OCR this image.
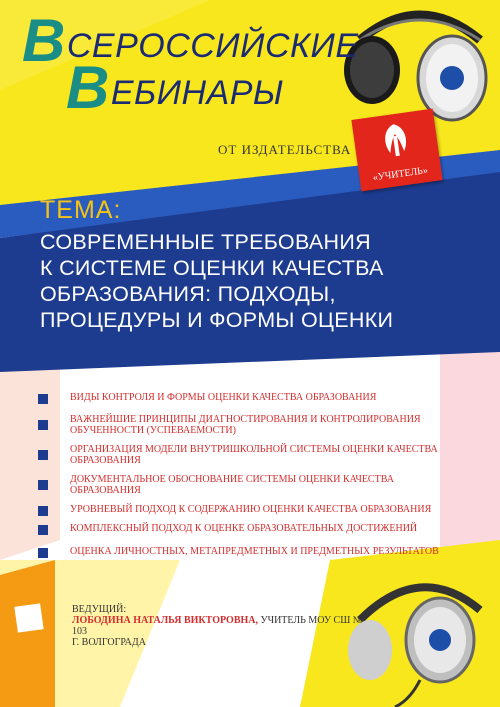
ВСЕРОССИЙСКИЕ
ВЕБИНАРЫ
ОТ ИЗДАТЕЛЬСТВА
«УЧИТЕЛЬ»
ТЕМА:
СОВРЕМЕННЫЕ ТРЕБОВАНИЯ
К СИСТЕМЕ ОЦЕНКИ КАЧЕСТВА
ОБРАЗОВАНИЯ: ПОДХОДЫ,
ПРОЦЕДУРЫ И ФОРМЫ ОЦЕНКИ
ВИДЫ КОНТРОЛЯ И ФОРМЫ ОЦЕНКИ КАЧЕСТВА ОБРАЗОВАНИЯ
ВАЖНЕЙШИЕ ПРИНЦИПЫ ДИАГНОСТИРОВАНИЯ И КОНТРОЛИРОВАНИЯ ОБУЧЕННОСТИ (УСПЕВАЕМОСТИ)
ОРГАНИЗАЦИЯ МОДЕЛИ ВНУТРИШКОЛЬНОЙ СИСТЕМЫ ОЦЕНКИ КАЧЕСТВА ОБРАЗОВАНИЯ
ДОКУМЕНТАЛЬНОЕ ОБОСНОВАНИЕ СИСТЕМЫ ОЦЕНКИ КАЧЕСТВА ОБРАЗОВАНИЯ
УРОВНЕВЫЙ ПОДХОД К СОДЕРЖАНИЮ ОЦЕНКИ КАЧЕСТВА ОБРАЗОВАНИЯ
КОМПЛЕКСНЫЙ ПОДХОД К ОЦЕНКЕ ОБРАЗОВАТЕЛЬНЫХ ДОСТИЖЕНИЙ
ОЦЕНКА ЛИЧНОСТНЫХ, МЕТАПРЕДМЕТНЫХ И ПРЕДМЕТНЫХ РЕЗУЛЬТАТОВ
ВЕДУЩИЙ:
ЛОБОДИНА НАТАЛЬЯ ВИКТОРОВНА, УЧИТЕЛЬ МОУ СШ № 103
Г. ВОЛГОГРАДА
